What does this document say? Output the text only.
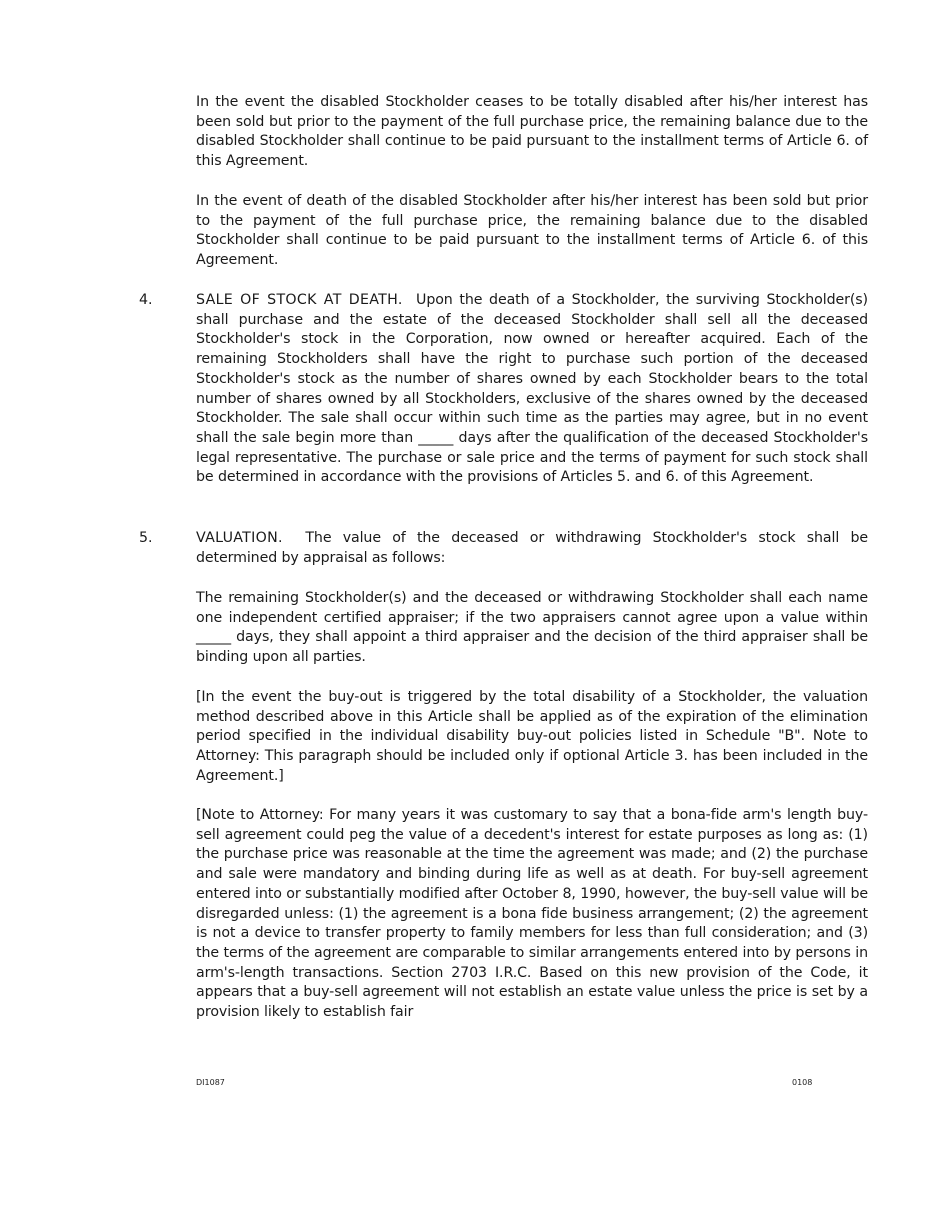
In the event the disabled Stockholder ceases to be totally disabled after his/her interest has been sold but prior to the payment of the full purchase price, the remaining balance due to the disabled Stockholder shall continue to be paid pursuant to the installment terms of Article 6. of this Agreement.
In the event of death of the disabled Stockholder after his/her interest has been sold but prior to the payment of the full purchase price, the remaining balance due to the disabled Stockholder shall continue to be paid pursuant to the installment terms of Article 6. of this Agreement.
4.	SALE OF STOCK AT DEATH. Upon the death of a Stockholder, the surviving Stockholder(s) shall purchase and the estate of the deceased Stockholder shall sell all the deceased Stockholder's stock in the Corporation, now owned or hereafter acquired. Each of the remaining Stockholders shall have the right to purchase such portion of the deceased Stockholder's stock as the number of shares owned by each Stockholder bears to the total number of shares owned by all Stockholders, exclusive of the shares owned by the deceased Stockholder. The sale shall occur within such time as the parties may agree, but in no event shall the sale begin more than _____ days after the qualification of the deceased Stockholder's legal representative. The purchase or sale price and the terms of payment for such stock shall be determined in accordance with the provisions of Articles 5. and 6. of this Agreement.
5.	VALUATION. The value of the deceased or withdrawing Stockholder's stock shall be determined by appraisal as follows:
The remaining Stockholder(s) and the deceased or withdrawing Stockholder shall each name one independent certified appraiser; if the two appraisers cannot agree upon a value within _____ days, they shall appoint a third appraiser and the decision of the third appraiser shall be binding upon all parties.
[In the event the buy-out is triggered by the total disability of a Stockholder, the valuation method described above in this Article shall be applied as of the expiration of the elimination period specified in the individual disability buy-out policies listed in Schedule "B". Note to Attorney: This paragraph should be included only if optional Article 3. has been included in the Agreement.]
[Note to Attorney: For many years it was customary to say that a bona-fide arm's length buy-sell agreement could peg the value of a decedent's interest for estate purposes as long as: (1) the purchase price was reasonable at the time the agreement was made; and (2) the purchase and sale were mandatory and binding during life as well as at death. For buy-sell agreement entered into or substantially modified after October 8, 1990, however, the buy-sell value will be disregarded unless: (1) the agreement is a bona fide business arrangement; (2) the agreement is not a device to transfer property to family members for less than full consideration; and (3) the terms of the agreement are comparable to similar arrangements entered into by persons in arm's-length transactions. Section 2703 I.R.C. Based on this new provision of the Code, it appears that a buy-sell agreement will not establish an estate value unless the price is set by a provision likely to establish fair
DI1087	0108
